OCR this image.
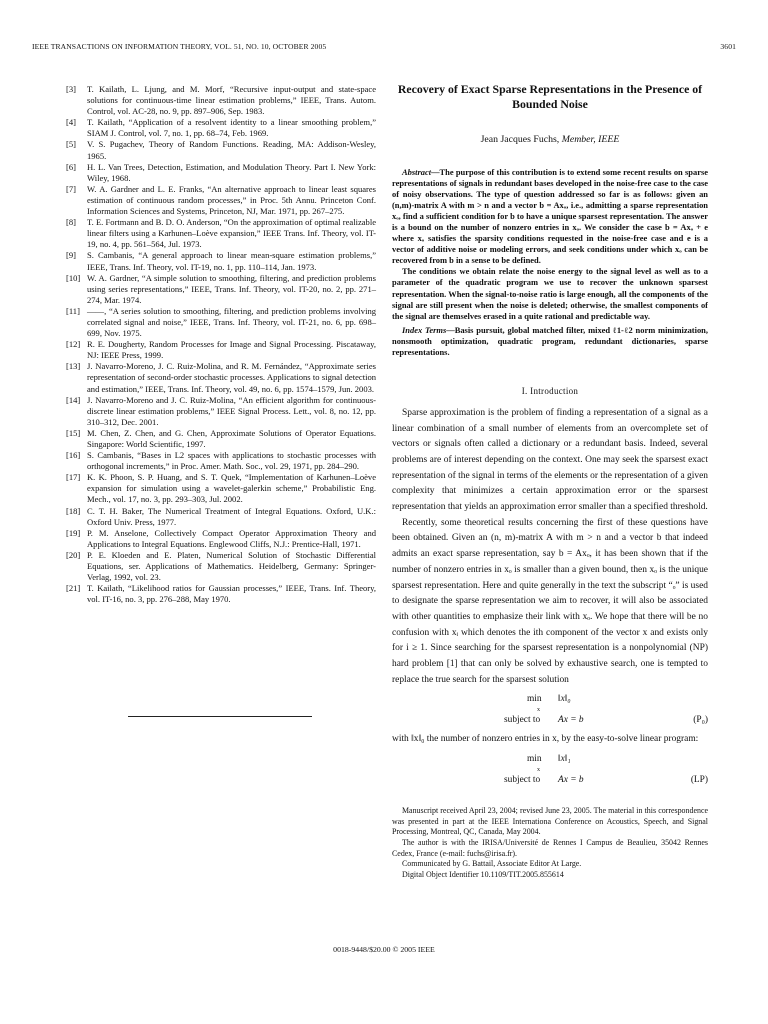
IEEE TRANSACTIONS ON INFORMATION THEORY, VOL. 51, NO. 10, OCTOBER 2005	3601
[3] T. Kailath, L. Ljung, and M. Morf, “Recursive input-output and state-space solutions for continuous-time linear estimation problems,” IEEE, Trans. Autom. Control, vol. AC-28, no. 9, pp. 897–906, Sep. 1983.
[4] T. Kailath, “Application of a resolvent identity to a linear smoothing problem,” SIAM J. Control, vol. 7, no. 1, pp. 68–74, Feb. 1969.
[5] V. S. Pugachev, Theory of Random Functions. Reading, MA: Addison-Wesley, 1965.
[6] H. L. Van Trees, Detection, Estimation, and Modulation Theory. Part I. New York: Wiley, 1968.
[7] W. A. Gardner and L. E. Franks, “An alternative approach to linear least squares estimation of continuous random processes,” in Proc. 5th Annu. Princeton Conf. Information Sciences and Systems, Princeton, NJ, Mar. 1971, pp. 267–275.
[8] T. E. Fortmann and B. D. O. Anderson, “On the approximation of optimal realizable linear filters using a Karhunen–Loève expansion,” IEEE Trans. Inf. Theory, vol. IT-19, no. 4, pp. 561–564, Jul. 1973.
[9] S. Cambanis, “A general approach to linear mean-square estimation problems,” IEEE, Trans. Inf. Theory, vol. IT-19, no. 1, pp. 110–114, Jan. 1973.
[10] W. A. Gardner, “A simple solution to smoothing, filtering, and prediction problems using series representations,” IEEE, Trans. Inf. Theory, vol. IT-20, no. 2, pp. 271–274, Mar. 1974.
[11] ——, “A series solution to smoothing, filtering, and prediction problems involving correlated signal and noise,” IEEE, Trans. Inf. Theory, vol. IT-21, no. 6, pp. 698–699, Nov. 1975.
[12] R. E. Dougherty, Random Processes for Image and Signal Processing. Piscataway, NJ: IEEE Press, 1999.
[13] J. Navarro-Moreno, J. C. Ruiz-Molina, and R. M. Fernández, “Approximate series representation of second-order stochastic processes. Applications to signal detection and estimation,” IEEE, Trans. Inf. Theory, vol. 49, no. 6, pp. 1574–1579, Jun. 2003.
[14] J. Navarro-Moreno and J. C. Ruiz-Molina, “An efficient algorithm for continuous-discrete linear estimation problems,” IEEE Signal Process. Lett., vol. 8, no. 12, pp. 310–312, Dec. 2001.
[15] M. Chen, Z. Chen, and G. Chen, Approximate Solutions of Operator Equations. Singapore: World Scientific, 1997.
[16] S. Cambanis, “Bases in L2 spaces with applications to stochastic processes with orthogonal increments,” in Proc. Amer. Math. Soc., vol. 29, 1971, pp. 284–290.
[17] K. K. Phoon, S. P. Huang, and S. T. Quek, “Implementation of Karhunen–Loève expansion for simulation using a wavelet-galerkin scheme,” Probabilistic Eng. Mech., vol. 17, no. 3, pp. 293–303, Jul. 2002.
[18] C. T. H. Baker, The Numerical Treatment of Integral Equations. Oxford, U.K.: Oxford Univ. Press, 1977.
[19] P. M. Anselone, Collectively Compact Operator Approximation Theory and Applications to Integral Equations. Englewood Cliffs, N.J.: Prentice-Hall, 1971.
[20] P. E. Kloeden and E. Platen, Numerical Solution of Stochastic Differential Equations, ser. Applications of Mathematics. Heidelberg, Germany: Springer-Verlag, 1992, vol. 23.
[21] T. Kailath, “Likelihood ratios for Gaussian processes,” IEEE, Trans. Inf. Theory, vol. IT-16, no. 3, pp. 276–288, May 1970.
Recovery of Exact Sparse Representations in the Presence of Bounded Noise
Jean Jacques Fuchs, Member, IEEE

Abstract—The purpose of this contribution is to extend some recent results on sparse representations of signals in redundant bases developed in the noise-free case to the case of noisy observations. The type of question addressed so far is as follows: given an (n,m)-matrix A with m > n and a vector b = Axₒ, i.e., admitting a sparse representation xₒ, find a sufficient condition for b to have a unique sparsest representation. The answer is a bound on the number of nonzero entries in xₒ. We consider the case b = Axₒ + e where xₒ satisfies the sparsity conditions requested in the noise-free case and e is a vector of additive noise or modeling errors, and seek conditions under which xₒ can be recovered from b in a sense to be defined.

The conditions we obtain relate the noise energy to the signal level as well as to a parameter of the quadratic program we use to recover the unknown sparsest representation. When the signal-to-noise ratio is large enough, all the components of the signal are still present when the noise is deleted; otherwise, the smallest components of the signal are themselves erased in a quite rational and predictable way.

Index Terms—Basis pursuit, global matched filter, mixed ℓ1-ℓ2 norm minimization, nonsmooth optimization, quadratic program, redundant dictionaries, sparse representations.
I. Introduction

Sparse approximation is the problem of finding a representation of a signal as a linear combination of a small number of elements from an overcomplete set of vectors or signals often called a dictionary or a redundant basis. Indeed, several problems are of interest depending on the context. One may seek the sparsest exact representation of the signal in terms of the elements or the representation of a given complexity that minimizes a certain approximation error or the sparsest representation that yields an approximation error smaller than a specified threshold.

Recently, some theoretical results concerning the first of these questions have been obtained. Given an (n, m)-matrix A with m > n and a vector b that indeed admits an exact sparse representation, say b = Axₒ, it has been shown that if the number of nonzero entries in xₒ is smaller than a given bound, then xₒ is the unique sparsest representation. Here and quite generally in the text the subscript “ₒ” is used to designate the sparse representation we aim to recover, it will also be associated with other quantities to emphasize their link with xₒ. We hope that there will be no confusion with xᵢ which denotes the ith component of the vector x and exists only for i ≥ 1. Since searching for the sparsest representation is a nonpolynomial (NP) hard problem [1] that can only be solved by exhaustive search, one is tempted to replace the true search for the sparsest solution

min
x
‖x‖₀
subject to Ax = b	(P₀)

with ‖x‖₀ the number of nonzero entries in x, by the easy-to-solve linear program:

min
x
‖x‖₁
subject to Ax = b	(LP)

Manuscript received April 23, 2004; revised June 23, 2005. The material in this correspondence was presented in part at the IEEE Internationa Conference on Acoustics, Speech, and Signal Processing, Montreal, QC, Canada, May 2004.

The author is with the IRISA/Université de Rennes I Campus de Beaulieu, 35042 Rennes Cedex, France (e-mail: fuchs@irisa.fr).

Communicated by G. Battail, Associate Editor At Large.

Digital Object Identifier 10.1109/TIT.2005.855614

0018-9448/$20.00 © 2005 IEEE
